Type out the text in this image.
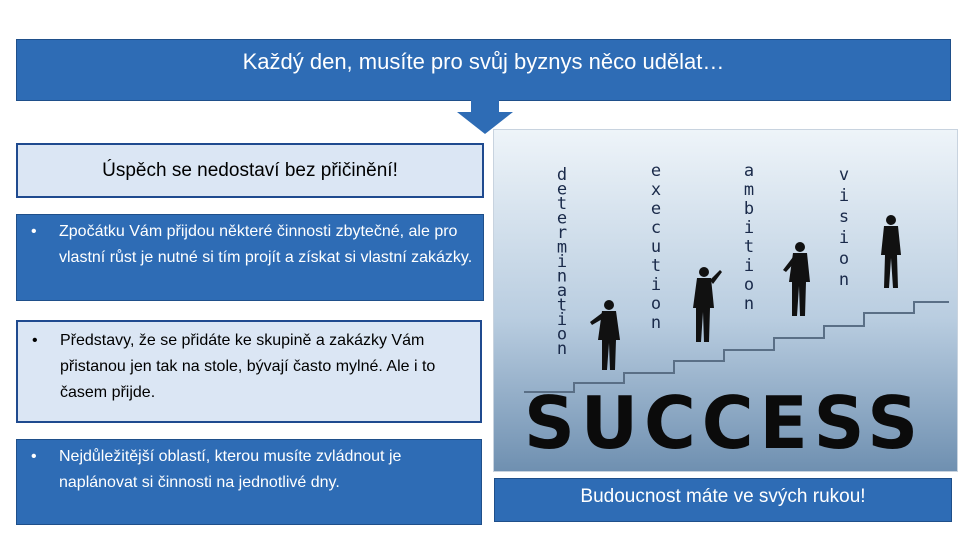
Každý den, musíte pro svůj byznys něco udělat…
Úspěch se nedostaví bez přičinění!
•	Zpočátku Vám přijdou některé činnosti zbytečné, ale pro vlastní růst je nutné si tím projít a získat si vlastní zakázky.
•	Představy, že se přidáte ke skupině a zakázky Vám přistanou jen tak na stole, bývají často mylné. Ale i to časem přijde.
•	Nejdůležitější oblastí, kterou musíte zvládnout je naplánovat si činnosti na jednotlivé dny.
d e t e r m i n a t i o n
e x e c u t i o n
a m b i t i o n
v i s i o n
SUCCESS
Budoucnost máte ve svých rukou!
